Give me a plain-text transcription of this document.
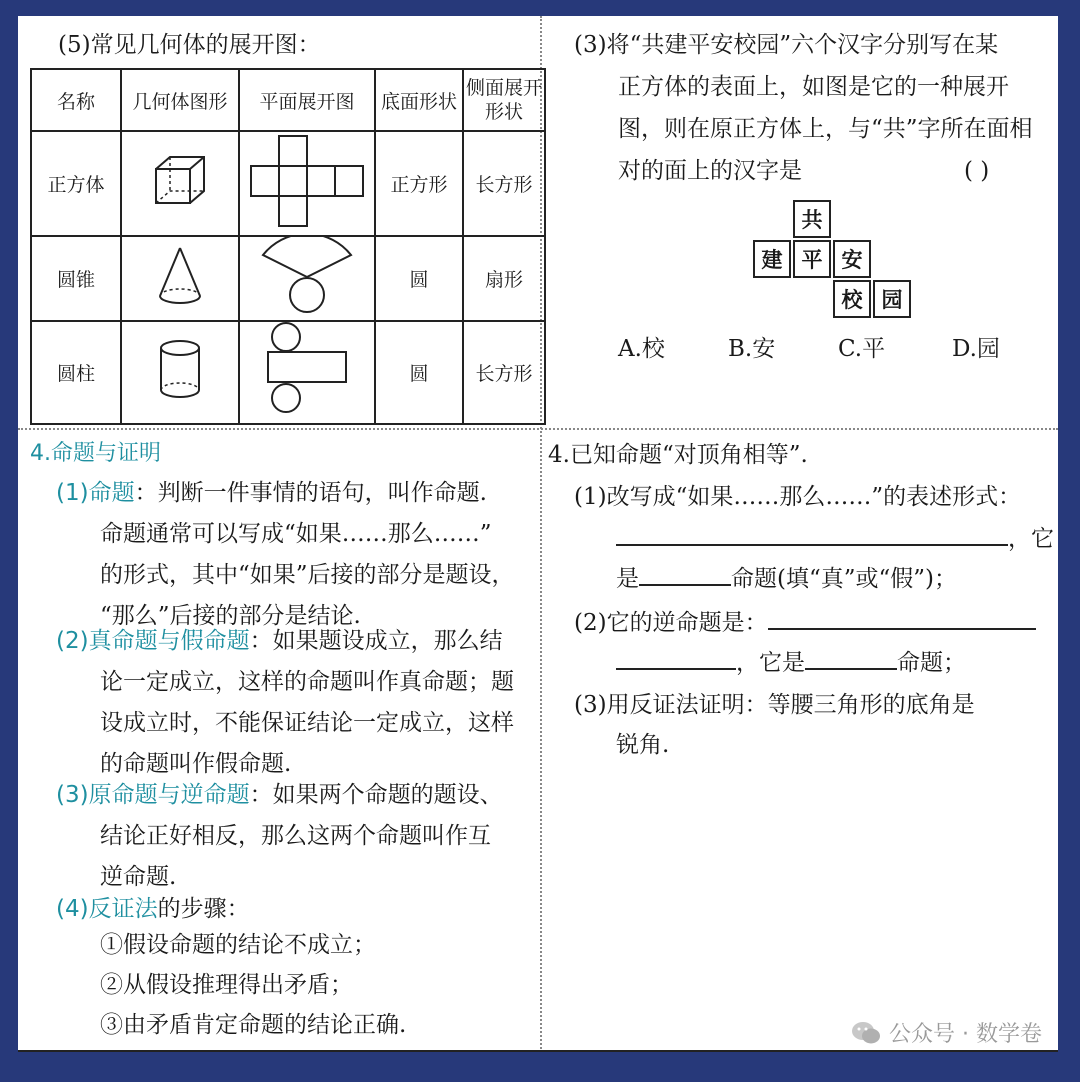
(5)常见几何体的展开图：
名称	几何体图形	平面展开图	底面形状	侧面展开形状
正方体			正方形	长方形
圆锥			圆	扇形
圆柱			圆	长方形
(3)将“共建平安校园”六个汉字分别写在某
正方体的表面上，如图是它的一种展开
图，则在原正方体上，与“共”字所在面相
对的面上的汉字是	( )
共
建 平 安
校 园
A.校	B.安	C.平	D.园
4.命题与证明
(1)命题：判断一件事情的语句，叫作命题.
命题通常可以写成“如果……那么……”
的形式，其中“如果”后接的部分是题设，
“那么”后接的部分是结论.
(2)真命题与假命题：如果题设成立，那么结
论一定成立，这样的命题叫作真命题；题
设成立时，不能保证结论一定成立，这样
的命题叫作假命题.
(3)原命题与逆命题：如果两个命题的题设、
结论正好相反，那么这两个命题叫作互
逆命题.
(4)反证法的步骤：
①假设命题的结论不成立；
②从假设推理得出矛盾；
③由矛盾肯定命题的结论正确.
4.已知命题“对顶角相等”.
(1)改写成“如果……那么……”的表述形式：
，它
是	命题(填“真”或“假”)；
(2)它的逆命题是：
，它是	命题；
(3)用反证法证明：等腰三角形的底角是
锐角.
公众号 · 数学卷
